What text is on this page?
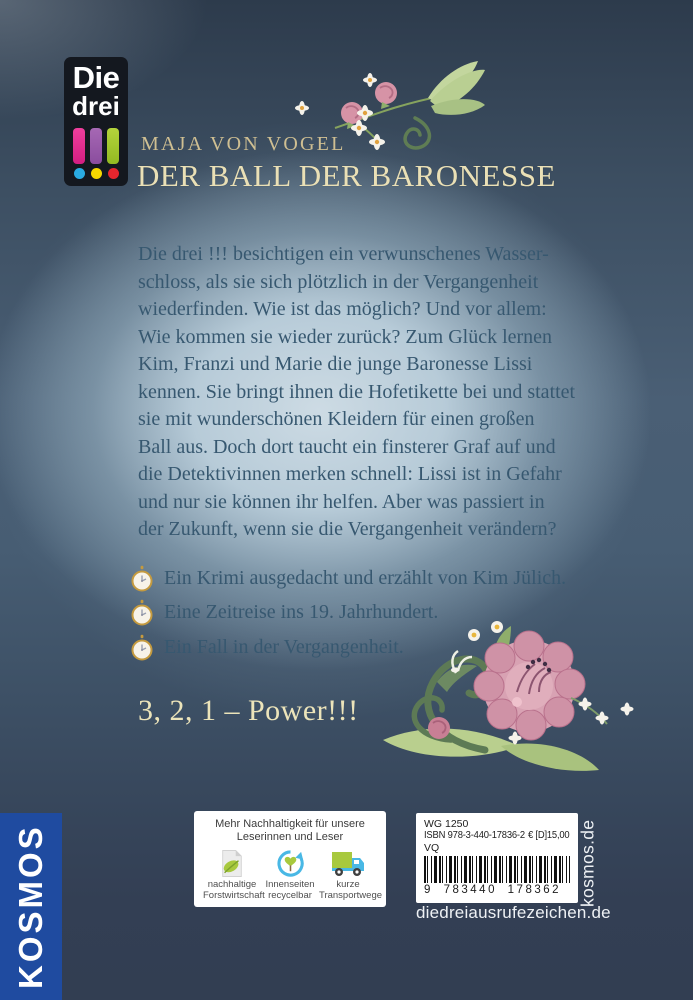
Die
drei
MAJA VON VOGEL
DER BALL DER BARONESSE
Die drei !!! besichtigen ein verwunschenes Wasser-
schloss, als sie sich plötzlich in der Vergangenheit
wiederfinden. Wie ist das möglich? Und vor allem:
Wie kommen sie wieder zurück? Zum Glück lernen
Kim, Franzi und Marie die junge Baronesse Lissi
kennen. Sie bringt ihnen die Hofetikette bei und stattet
sie mit wunderschönen Kleidern für einen großen
Ball aus. Doch dort taucht ein finsterer Graf auf und
die Detektivinnen merken schnell: Lissi ist in Gefahr
und nur sie können ihr helfen. Aber was passiert in
der Zukunft, wenn sie die Vergangenheit verändern?
Ein Krimi ausgedacht und erzählt von Kim Jülich.
Eine Zeitreise ins 19. Jahrhundert.
Ein Fall in der Vergangenheit.
3, 2, 1 – Power!!!
KOSMOS
Mehr Nachhaltigkeit für unsere
Leserinnen und Leser
nachhaltige
Forstwirtschaft
Innenseiten
recycelbar
kurze
Transportwege
WG 1250
ISBN 978-3-440-17836-2 € [D]15,00
VQ
9 783440 178362 kosmos.de
diedreiausrufezeichen.de
